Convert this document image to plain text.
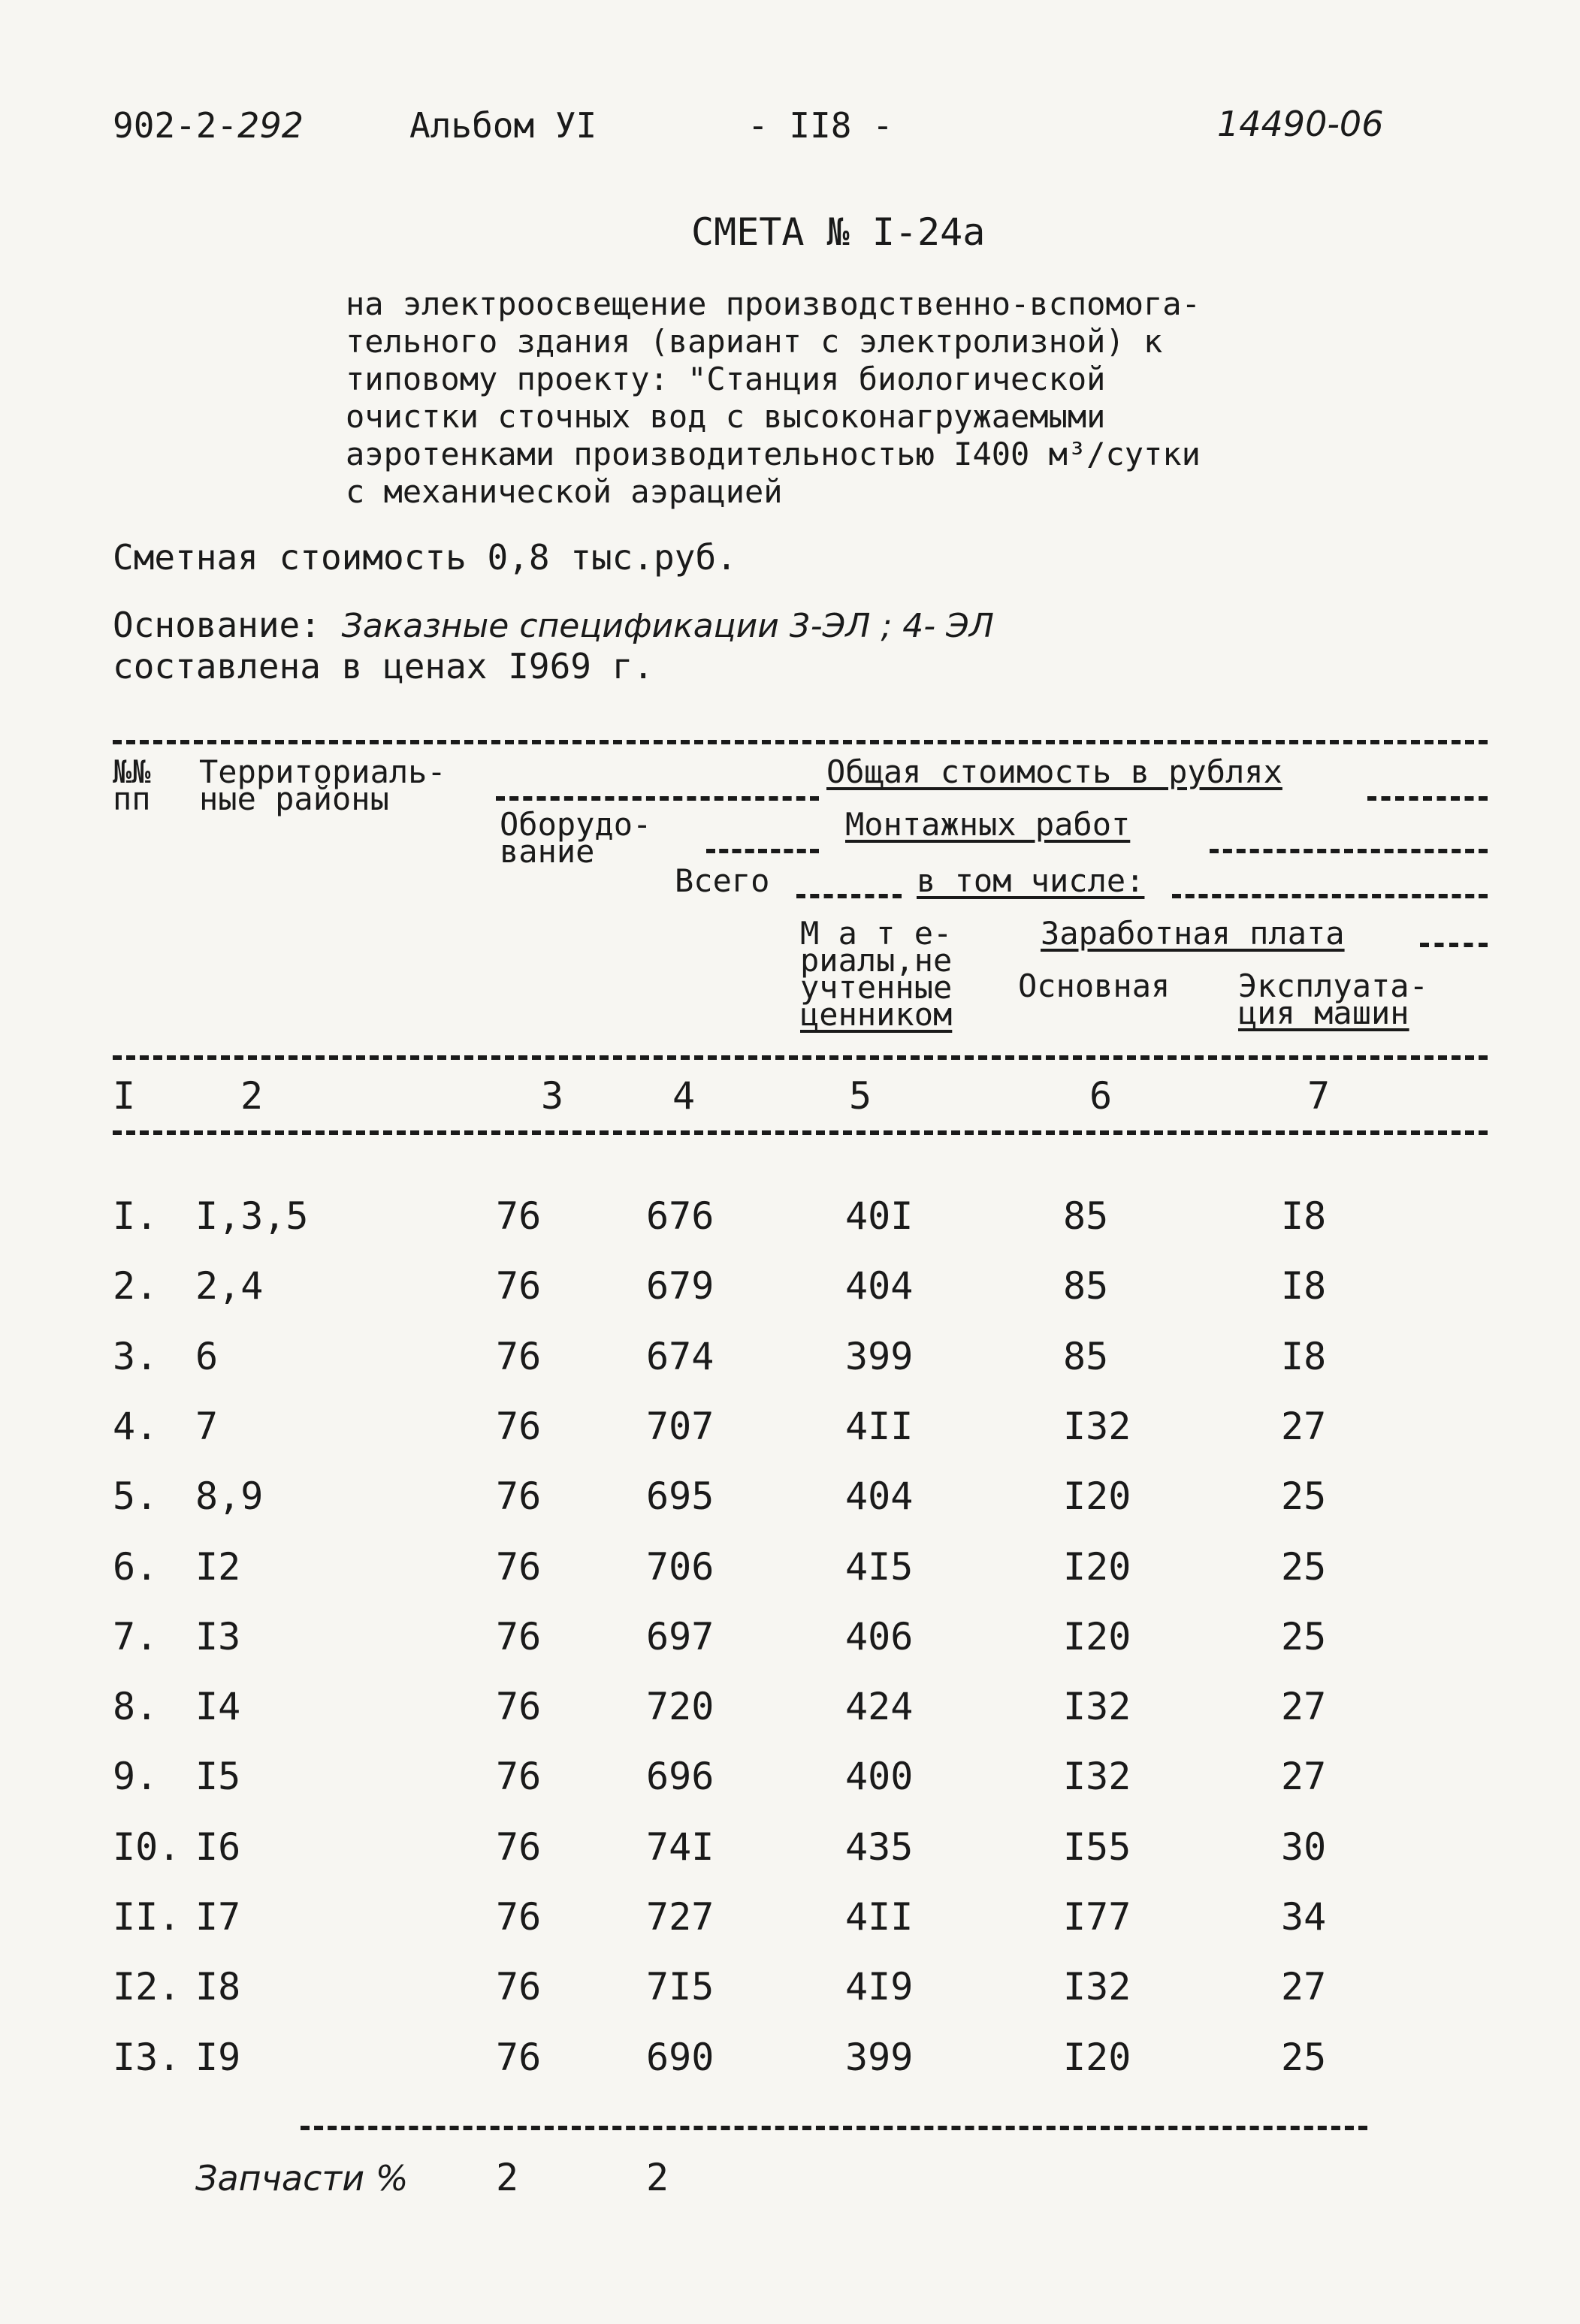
902-2-292	Альбом УI	- II8 -	14490-06
СМЕТА № I-24а
на электроосвещение производственно-вспомога-
тельного здания (вариант с электролизной) к
типовому проекту: "Станция биологической
очистки сточных вод с высоконагружаемыми
аэротенками производительностью I400 м³/сутки
с механической аэрацией
Сметная стоимость 0,8 тыс.руб.
Основание: Заказные спецификации 3-ЭЛ ; 4- ЭЛ
составлена в ценах I969 г.
№№
пп
Территориаль-
ные районы
Общая стоимость в рублях
Оборудо-
вание
Монтажных работ
Всего	в том числе:
М а т е-
риалы,не
учтенные
ценником
Заработная плата
Основная Эксплуата-
ция машин
I	2	3	4	5	6	7
I. I,3,5	76	676	40I	85	I8
2. 2,4	76	679	404	85	I8
3. 6	76	674	399	85	I8
4. 7	76	707	4II	I32	27
5. 8,9	76	695	404	I20	25
6. I2	76	706	4I5	I20	25
7. I3	76	697	406	I20	25
8. I4	76	720	424	I32	27
9. I5	76	696	400	I32	27
I0. I6	76	74I	435	I55	30
II. I7	76	727	4II	I77	34
I2. I8	76	7I5	4I9	I32	27
I3. I9	76	690	399	I20	25
Запчасти % 2	2
